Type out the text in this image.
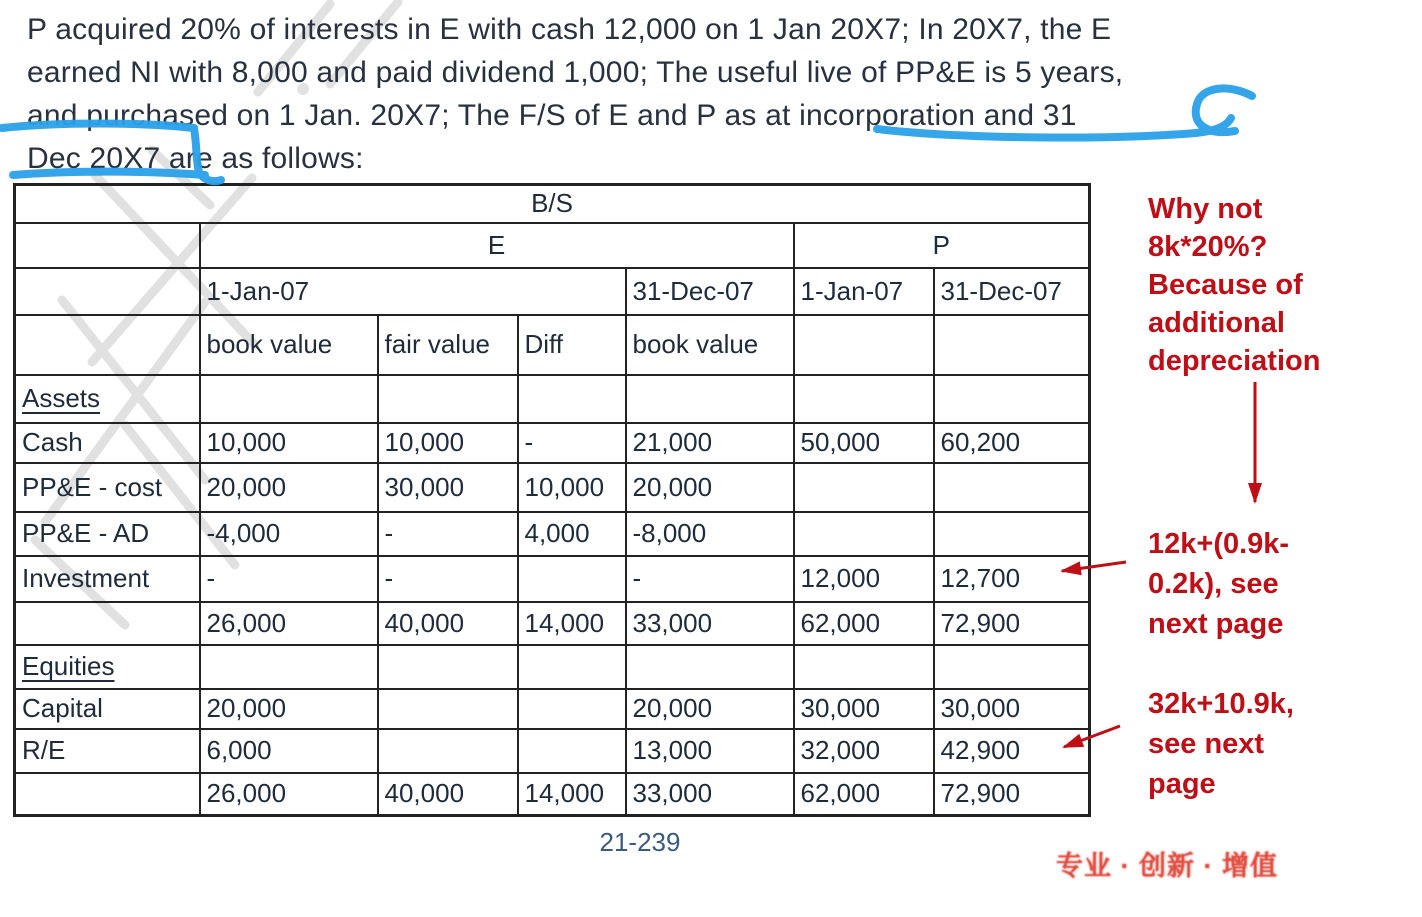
P acquired 20% of interests in E with cash 12,000 on 1 Jan 20X7; In 20X7, the E
earned NI with 8,000 and paid dividend 1,000; The useful live of PP&E is 5 years,
and purchased on 1 Jan. 20X7; The F/S of E and P as at incorporation and 31
Dec 20X7 are as follows:
B/S						
	E				P	
	1-Jan-07			31-Dec-07	1-Jan-07	31-Dec-07
	book value	fair value	Diff	book value		
Assets						
Cash	10,000	10,000	-	21,000	50,000	60,200
PP&E - cost	20,000	30,000	10,000	20,000		
PP&E - AD	-4,000	-	4,000	-8,000		
Investment	-	-		-	12,000	12,700
	26,000	40,000	14,000	33,000	62,000	72,900
Equities						
Capital	20,000			20,000	30,000	30,000
R/E	6,000			13,000	32,000	42,900
	26,000	40,000	14,000	33,000	62,000	72,900
Why not
8k*20%?
Because of
additional
depreciation
12k+(0.9k-
0.2k), see
next page
32k+10.9k,
see next
page
21-239
专业 · 创新 · 增值
